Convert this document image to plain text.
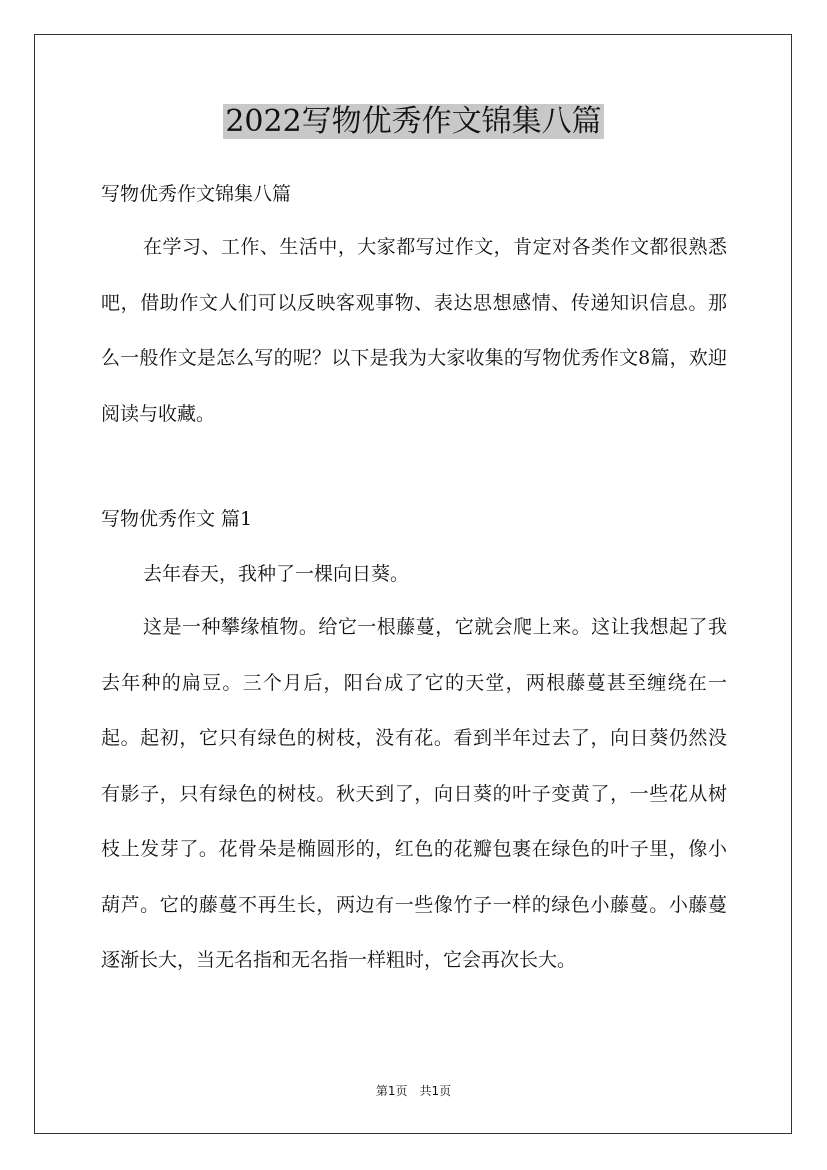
2022写物优秀作文锦集八篇
写物优秀作文锦集八篇

在学习、工作、生活中，大家都写过作文，肯定对各类作文都很熟悉吧，借助作文人们可以反映客观事物、表达思想感情、传递知识信息。那么一般作文是怎么写的呢？以下是我为大家收集的写物优秀作文8篇，欢迎阅读与收藏。

写物优秀作文 篇1

去年春天，我种了一棵向日葵。

这是一种攀缘植物。给它一根藤蔓，它就会爬上来。这让我想起了我去年种的扁豆。三个月后，阳台成了它的天堂，两根藤蔓甚至缠绕在一起。起初，它只有绿色的树枝，没有花。看到半年过去了，向日葵仍然没有影子，只有绿色的树枝。秋天到了，向日葵的叶子变黄了，一些花从树枝上发芽了。花骨朵是椭圆形的，红色的花瓣包裹在绿色的叶子里，像小葫芦。它的藤蔓不再生长，两边有一些像竹子一样的绿色小藤蔓。小藤蔓逐渐长大，当无名指和无名指一样粗时，它会再次长大。

第1页　共1页
